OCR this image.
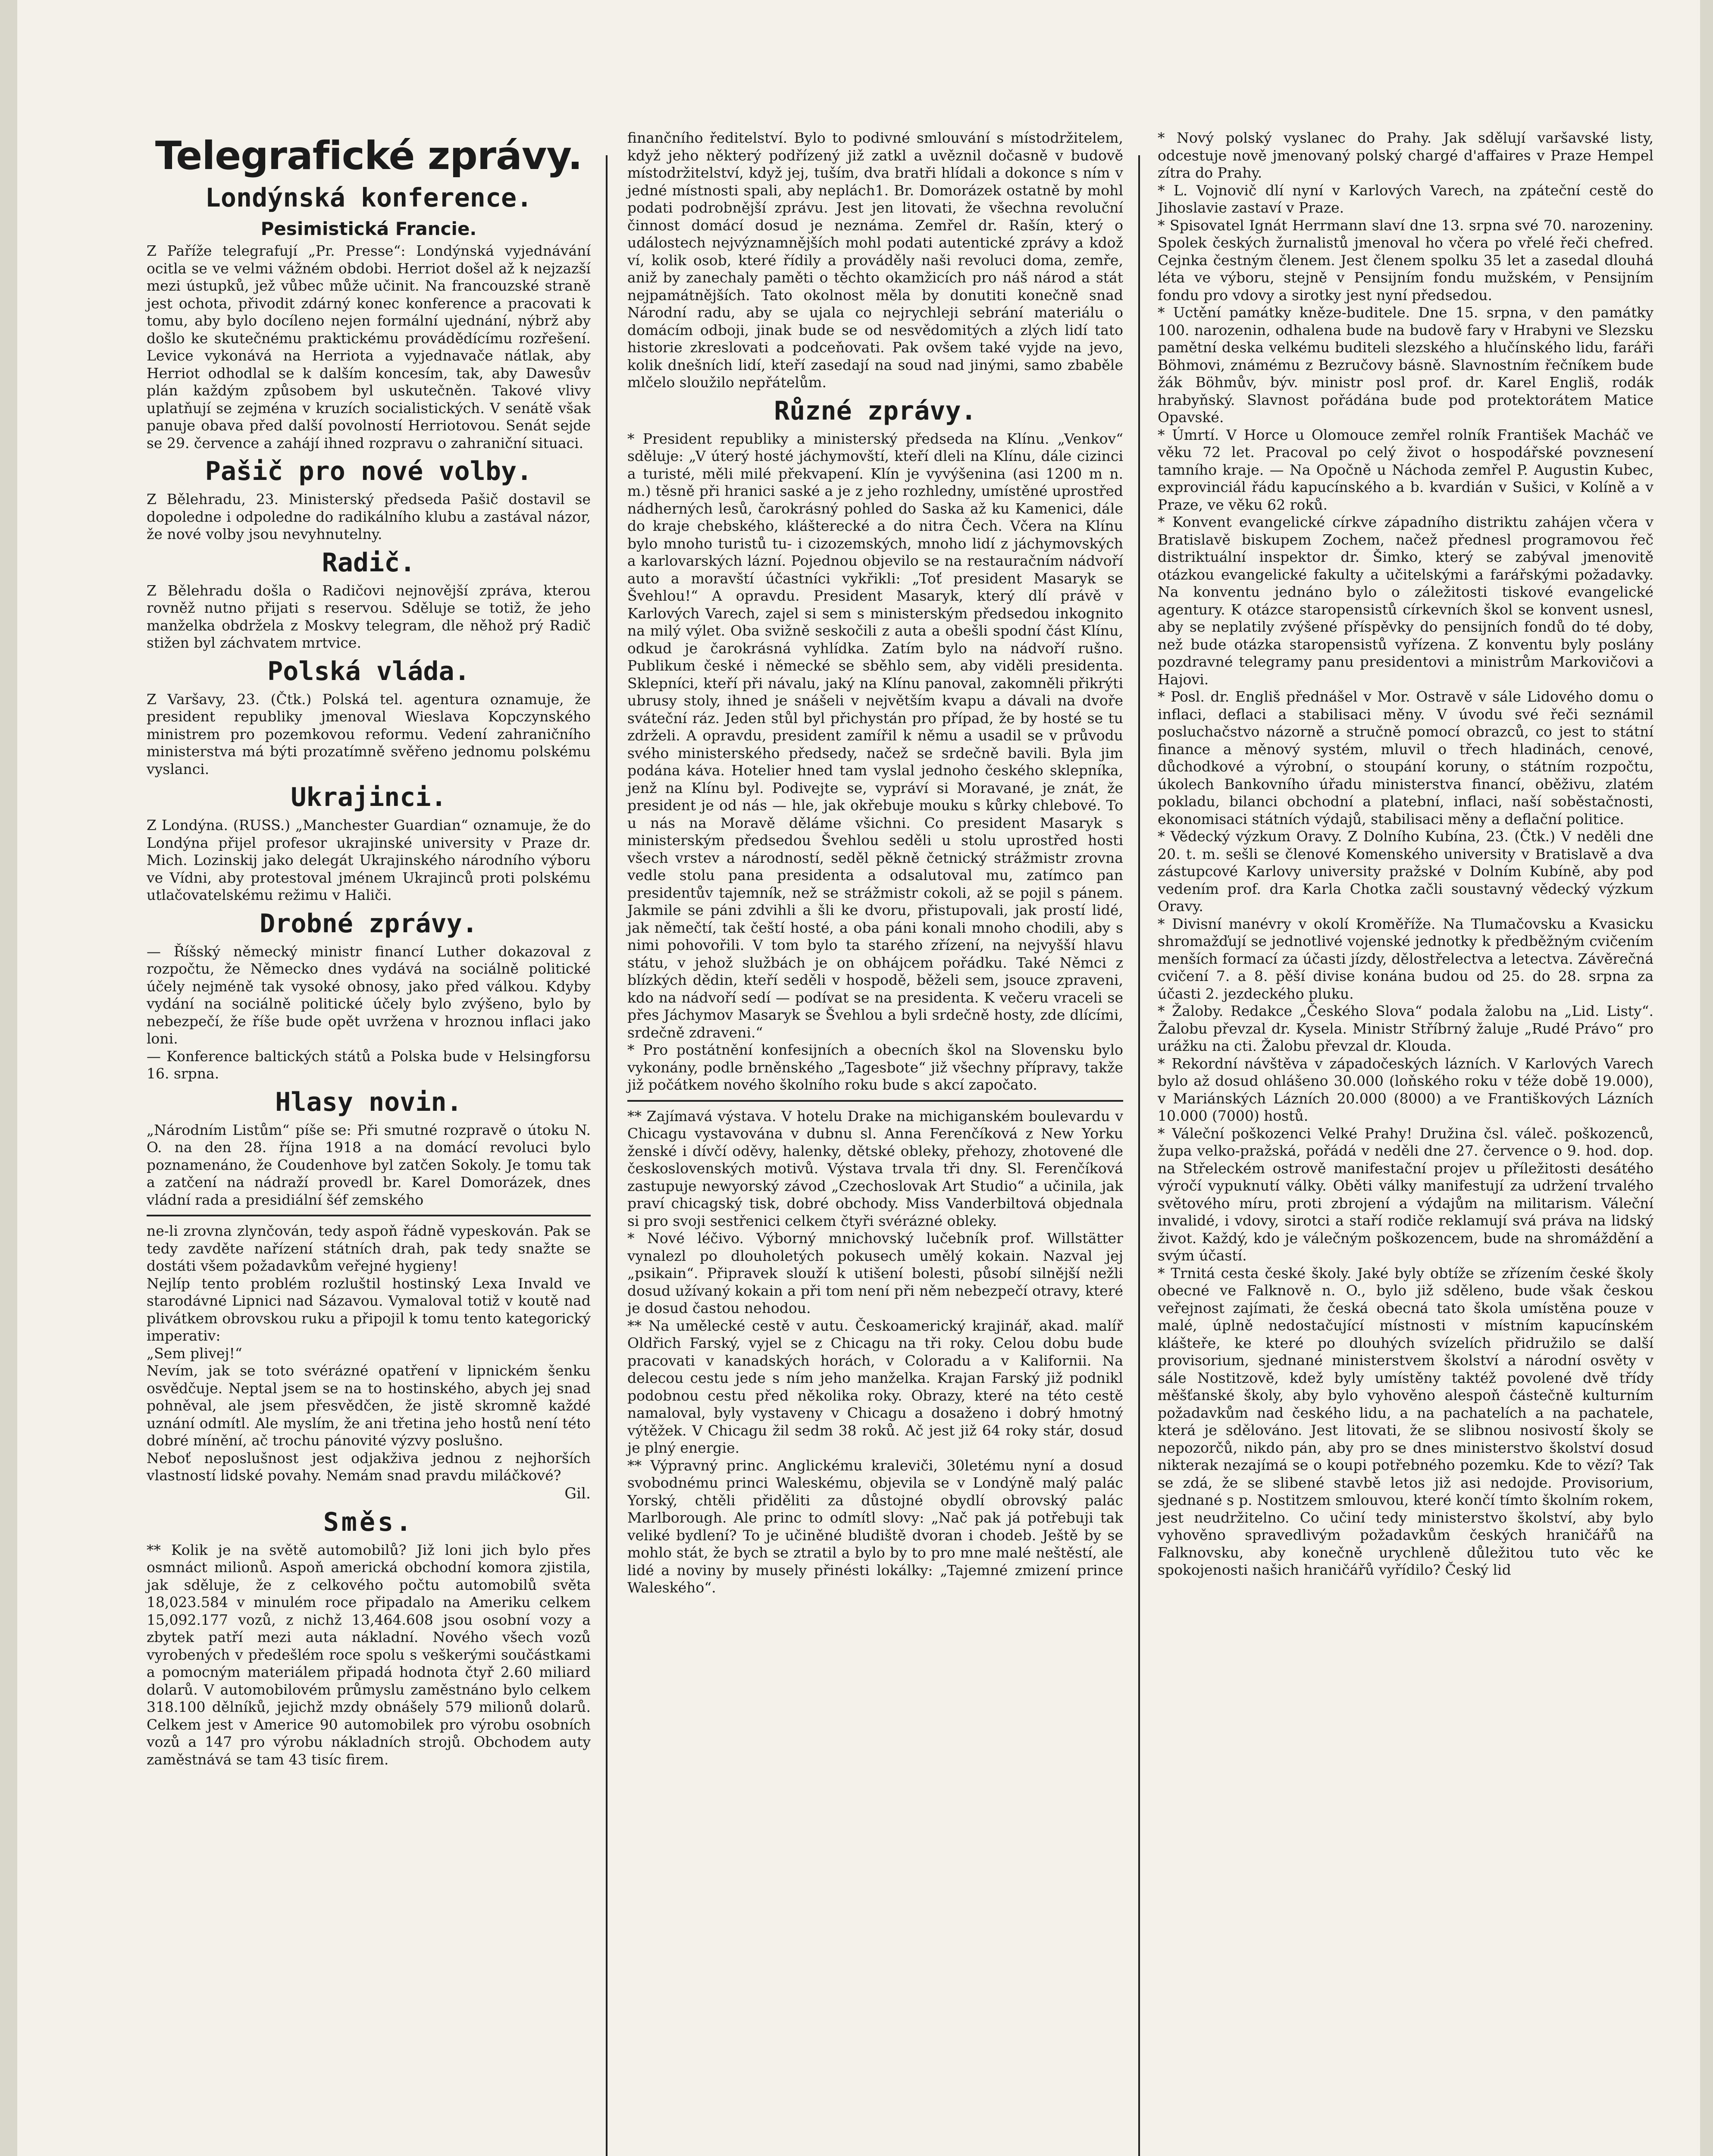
Telegrafické zprávy.
Londýnská konference.
Pesimistická Francie.

Z Paříže telegrafují „Pr. Presse“: Londýnská vyjednávání ocitla se ve velmi vážném obdobi. Herriot došel až k nejzazší mezi ústupků, jež vůbec může učinit. Na francouzské straně jest ochota, přivodit zdárný konec konference a pracovati k tomu, aby bylo docíleno nejen formální ujednání, nýbrž aby došlo ke skutečnému praktickému provádědícímu rozřešení. Levice vykonává na Herriota a vyjednavače nátlak, aby Herriot odhodlal se k dalším koncesím, tak, aby Dawesův plán každým způsobem byl uskutečněn. Takové vlivy uplatňují se zejména v kruzích socialistických. V senátě však panuje obava před další povolností Herriotovou. Senát sejde se 29. července a zahájí ihned rozpravu o zahraniční situaci.

Pašič pro nové volby.

Z Bělehradu, 23. Ministerský předseda Pašič dostavil se dopoledne i odpoledne do radikálního klubu a zastával názor, že nové volby jsou nevyhnutelny.

Radič.

Z Bělehradu došla o Radičovi nejnovější zpráva, kterou rovněž nutno přijati s reservou. Sděluje se totiž, že jeho manželka obdržela z Moskvy telegram, dle něhož prý Radič stižen byl záchvatem mrtvice.

Polská vláda.

Z Varšavy, 23. (Čtk.) Polská tel. agentura oznamuje, že president republiky jmenoval Wieslava Kopczynského ministrem pro pozemkovou reformu. Vedení zahraničního ministerstva má býti prozatímně svěřeno jednomu polskému vyslanci.

Ukrajinci.

Z Londýna. (RUSS.) „Manchester Guardian“ oznamuje, že do Londýna přijel profesor ukrajinské university v Praze dr. Mich. Lozinskij jako delegát Ukrajinského národního výboru ve Vídni, aby protestoval jménem Ukrajinců proti polskému utlačovatelskému režimu v Haliči.

Drobné zprávy.

— Říšský německý ministr financí Luther dokazoval z rozpočtu, že Německo dnes vydává na sociálně politické účely nejméně tak vysoké obnosy, jako před válkou. Kdyby vydání na sociálně politické účely bylo zvýšeno, bylo by nebezpečí, že říše bude opět uvržena v hroznou inflaci jako loni.

— Konference baltických států a Polska bude v Helsingforsu 16. srpna.

Hlasy novin.

„Národním Listům“ píše se: Při smutné rozpravě o útoku N. O. na den 28. října 1918 a na domácí revoluci bylo poznamenáno, že Coudenhove byl zatčen Sokoly. Je tomu tak a zatčení na nádraží provedl br. Karel Domorázek, dnes vládní rada a presidiální šéf zemského

ne-li zrovna zlynčován, tedy aspoň řádně vypeskován. Pak se tedy zavděte nařízení státních drah, pak tedy snažte se dostáti všem požadavkům veřejné hygieny!

Nejlíp tento problém rozluštil hostinský Lexa Invald ve starodávné Lipnici nad Sázavou. Vymaloval totiž v koutě nad plivátkem obrovskou ruku a připojil k tomu tento kategorický imperativ:

„Sem plivej!“

Nevím, jak se toto svérázné opatření v lipnickém šenku osvědčuje. Neptal jsem se na to hostinského, abych jej snad pohněval, ale jsem přesvědčen, že jistě skromně každé uznání odmítl. Ale myslím, že ani třetina jeho hostů není této dobré mínění, ač trochu pánovité výzvy poslušno.

Neboť neposlušnost jest odjakživa jednou z nejhorších vlastností lidské povahy. Nemám snad pravdu miláčkové?

Gil.

Směs.

** Kolik je na světě automobilů? Již loni jich bylo přes osmnáct milionů. Aspoň americká obchodní komora zjistila, jak sděluje, že z celkového počtu automobilů světa 18,023.584 v minulém roce připadalo na Ameriku celkem 15,092.177 vozů, z nichž 13,464.608 jsou osobní vozy a zbytek patří mezi auta nákladní. Nového všech vozů vyrobených v předešlém roce spolu s veškerými součástkami a pomocným materiálem připadá hodnota čtyř 2.60 miliard dolarů. V automobilovém průmyslu zaměstnáno bylo celkem 318.100 dělníků, jejichž mzdy obnášely 579 milionů dolarů. Celkem jest v Americe 90 automobilek pro výrobu osobních vozů a 147 pro výrobu nákladních strojů. Obchodem auty zaměstnává se tam 43 tisíc firem.

finančního ředitelství. Bylo to podivné smlouvání s místodržitelem, když jeho některý podřízený již zatkl a uvěznil dočasně v budově místodržitelství, když jej, tuším, dva bratři hlídali a dokonce s ním v jedné místnosti spali, aby neplách1. Br. Domorázek ostatně by mohl podati podrobnější zprávu. Jest jen litovati, že všechna revoluční činnost domácí dosud je neznáma. Zemřel dr. Rašín, který o událostech nejvýznamnějších mohl podati autentické zprávy a kdož ví, kolik osob, které řídily a prováděly naši revoluci doma, zemře, aniž by zanechaly paměti o těchto okamžicích pro náš národ a stát nejpamátnějších. Tato okolnost měla by donutiti konečně snad Národní radu, aby se ujala co nejrychleji sebrání materiálu o domácím odboji, jinak bude se od nesvědomitých a zlých lidí tato historie zkreslovati a podceňovati. Pak ovšem také vyjde na jevo, kolik dnešních lidí, kteří zasedají na soud nad jinými, samo zbaběle mlčelo sloužilo nepřátelům.

Různé zprávy.

* President republiky a ministerský předseda na Klínu. „Venkov“ sděluje: „V úterý hosté jáchymovští, kteří dleli na Klínu, dále cizinci a turisté, měli milé překvapení. Klín je vyvýšenina (asi 1200 m n. m.) těsně při hranici saské a je z jeho rozhledny, umístěné uprostřed nádherných lesů, čarokrásný pohled do Saska až ku Kamenici, dále do kraje chebského, klášterecké a do nitra Čech. Včera na Klínu bylo mnoho turistů tu- i cizozemských, mnoho lidí z jáchymovských a karlovarských lázní. Pojednou objevilo se na restauračním nádvoří auto a moravští účastníci vykřikli: „Toť president Masaryk se Švehlou!“ A opravdu. President Masaryk, který dlí právě v Karlových Varech, zajel si sem s ministerským předsedou inkognito na milý výlet. Oba svižně seskočili z auta a obešli spodní část Klínu, odkud je čarokrásná vyhlídka. Zatím bylo na nádvoří rušno. Publikum české i německé se sběhlo sem, aby viděli presidenta. Sklepníci, kteří při návalu, jaký na Klínu panoval, zakomněli přikrýti ubrusy stoly, ihned je snášeli v největším kvapu a dávali na dvoře sváteční ráz. Jeden stůl byl přichystán pro případ, že by hosté se tu zdrželi. A opravdu, president zamířil k němu a usadil se v průvodu svého ministerského předsedy, načež se srdečně bavili. Byla jim podána káva. Hotelier hned tam vyslal jednoho českého sklepníka, jenž na Klínu byl. Podivejte se, vypráví si Moravané, je znát, že president je od nás — hle, jak okřebuje mouku s kůrky chlebové. To u nás na Moravě děláme všichni. Co president Masaryk s ministerským předsedou Švehlou seděli u stolu uprostřed hosti všech vrstev a národností, seděl pěkně četnický strážmistr zrovna vedle stolu pana presidenta a odsalutoval mu, zatímco pan presidentův tajemník, než se strážmistr cokoli, až se pojil s pánem. Jakmile se páni zdvihli a šli ke dvoru, přistupovali, jak prostí lidé, jak němečtí, tak čeští hosté, a oba páni konali mnoho chodili, aby s nimi pohovořili. V tom bylo ta starého zřízení, na nejvyšší hlavu státu, v jehož službách je on obhájcem pořádku. Také Němci z blízkých dědin, kteří seděli v hospodě, běželi sem, jsouce zpraveni, kdo na nádvoří sedí — podívat se na presidenta. K večeru vraceli se přes Jáchymov Masaryk se Švehlou a byli srdečně hosty, zde dlícími, srdečně zdraveni.“

* Pro postátnění konfesijních a obecních škol na Slovensku bylo vykonány, podle brněnského „Tagesbote“ již všechny přípravy, takže již počátkem nového školního roku bude s akcí započato.

** Zajímavá výstava. V hotelu Drake na michiganském boulevardu v Chicagu vystavována v dubnu sl. Anna Ferenčíková z New Yorku ženské i dívčí oděvy, halenky, dětské obleky, přehozy, zhotovené dle československých motivů. Výstava trvala tři dny. Sl. Ferenčíková zastupuje newyorský závod „Czechoslovak Art Studio“ a učinila, jak praví chicagský tisk, dobré obchody. Miss Vanderbiltová objednala si pro svoji sestřenici celkem čtyři svérázné obleky.

* Nové léčivo. Výborný mnichovský lučebník prof. Willstätter vynalezl po dlouholetých pokusech umělý kokain. Nazval jej „psikain“. Připravek slouží k utišení bolesti, působí silnější nežli dosud užívaný kokain a při tom není při něm nebezpečí otravy, které je dosud častou nehodou.

** Na umělecké cestě v autu. Českoamerický krajinář, akad. malíř Oldřich Farský, vyjel se z Chicagu na tři roky. Celou dobu bude pracovati v kanadských horách, v Coloradu a v Kalifornii. Na delecou cestu jede s ním jeho manželka. Krajan Farský již podnikl podobnou cestu před několika roky. Obrazy, které na této cestě namaloval, byly vystaveny v Chicagu a dosaženo i dobrý hmotný výtěžek. V Chicagu žil sedm 38 roků. Ač jest již 64 roky stár, dosud je plný energie.

** Výpravný princ. Anglickému kraleviči, 30letému nyní a dosud svobodnému princi Waleskému, objevila se v Londýně malý palác Yorský, chtěli přiděliti za důstojné obydlí obrovský palác Marlborough. Ale princ to odmítl slovy: „Nač pak já potřebuji tak veliké bydlení? To je učiněné bludiště dvoran i chodeb. Ještě by se mohlo stát, že bych se ztratil a bylo by to pro mne malé neštěstí, ale lidé a noviny by musely přinésti lokálky: „Tajemné zmizení prince Waleského“.

* Nový polský vyslanec do Prahy. Jak sdělují varšavské listy, odcestuje nově jmenovaný polský chargé d'affaires v Praze Hempel zítra do Prahy.

* L. Vojnovič dlí nyní v Karlových Varech, na zpáteční cestě do Jihoslavie zastaví v Praze.

* Spisovatel Ignát Herrmann slaví dne 13. srpna své 70. narozeniny. Spolek českých žurnalistů jmenoval ho včera po vřelé řeči chefred. Cejnka čestným členem. Jest členem spolku 35 let a zasedal dlouhá léta ve výboru, stejně v Pensijním fondu mužském, v Pensijním fondu pro vdovy a sirotky jest nyní předsedou.

* Uctění památky kněze-buditele. Dne 15. srpna, v den památky 100. narozenin, odhalena bude na budově fary v Hrabyni ve Slezsku pamětní deska velkému buditeli slezského a hlučínského lidu, faráři Böhmovi, známému z Bezručovy básně. Slavnostním řečníkem bude žák Böhmův, býv. ministr posl prof. dr. Karel Engliš, rodák hrabyňský. Slavnost pořádána bude pod protektorátem Matice Opavské.

* Úmrtí. V Horce u Olomouce zemřel rolník František Macháč ve věku 72 let. Pracoval po celý život o hospodářské povznesení tamního kraje. — Na Opočně u Náchoda zemřel P. Augustin Kubec, exprovinciál řádu kapucínského a b. kvardián v Sušici, v Kolíně a v Praze, ve věku 62 roků.

* Konvent evangelické církve západního distriktu zahájen včera v Bratislavě biskupem Zochem, načež přednesl programovou řeč distriktuální inspektor dr. Šimko, který se zabýval jmenovitě otázkou evangelické fakulty a učitelskými a farářskými požadavky. Na konventu jednáno bylo o záležitosti tiskové evangelické agentury. K otázce staropensistů církevních škol se konvent usnesl, aby se neplatily zvýšené příspěvky do pensijních fondů do té doby, než bude otázka staropensistů vyřízena. Z konventu byly poslány pozdravné telegramy panu presidentovi a ministrům Markovičovi a Hajovi.

* Posl. dr. Engliš přednášel v Mor. Ostravě v sále Lidového domu o inflaci, deflaci a stabilisaci měny. V úvodu své řeči seznámil posluchačstvo názorně a stručně pomocí obrazců, co jest to státní finance a měnový systém, mluvil o třech hladinách, cenové, důchodkové a výrobní, o stoupání koruny, o státním rozpočtu, úkolech Bankovního úřadu ministerstva financí, oběživu, zlatém pokladu, bilanci obchodní a platební, inflaci, naší soběstačnosti, ekonomisaci státních výdajů, stabilisaci měny a deflační politice.

* Vědecký výzkum Oravy. Z Dolního Kubína, 23. (Čtk.) V neděli dne 20. t. m. sešli se členové Komenského university v Bratislavě a dva zástupcové Karlovy university pražské v Dolním Kubíně, aby pod vedením prof. dra Karla Chotka začli soustavný vědecký výzkum Oravy.

* Divisní manévry v okolí Kroměříže. Na Tlumačovsku a Kvasicku shromažďují se jednotlivé vojenské jednotky k předběžným cvičením menších formací za účasti jízdy, dělostřelectva a letectva. Závěrečná cvičení 7. a 8. pěší divise konána budou od 25. do 28. srpna za účasti 2. jezdeckého pluku.

* Žaloby. Redakce „Českého Slova“ podala žalobu na „Lid. Listy“. Žalobu převzal dr. Kysela. Ministr Stříbrný žaluje „Rudé Právo“ pro urážku na cti. Žalobu převzal dr. Klouda.

* Rekordní návštěva v západočeských lázních. V Karlových Varech bylo až dosud ohlášeno 30.000 (loňského roku v téže době 19.000), v Mariánských Lázních 20.000 (8000) a ve Františkových Lázních 10.000 (7000) hostů.

* Váleční poškozenci Velké Prahy! Družina čsl. váleč. poškozenců, župa velko-pražská, pořádá v neděli dne 27. července o 9. hod. dop. na Střeleckém ostrově manifestační projev u příležitosti desátého výročí vypuknutí války. Oběti války manifestují za udržení trvalého světového míru, proti zbrojení a výdajům na militarism. Váleční invalidé, i vdovy, sirotci a staří rodiče reklamují svá práva na lidský život. Každý, kdo je válečným poškozencem, bude na shromáždění a svým účastí.

* Trnitá cesta české školy. Jaké byly obtíže se zřízením české školy obecné ve Falknově n. O., bylo již sděleno, bude však českou veřejnost zajímati, že česká obecná tato škola umístěna pouze v malé, úplně nedostačující místnosti v místním kapucínském klášteře, ke které po dlouhých svízelích přidružilo se další provisorium, sjednané ministerstvem školství a národní osvěty v sále Nostitzově, kdež byly umístěny taktéž povolené dvě třídy měšťanské školy, aby bylo vyhověno alespoň částečně kulturním požadavkům nad českého lidu, a na pachatelích a na pachatele, která je sdělováno. Jest litovati, že se slibnou nosivostí školy se nepozorčů, nikdo pán, aby pro se dnes ministerstvo školství dosud nikterak nezajímá se o koupi potřebného pozemku. Kde to vězí? Tak se zdá, že se slibené stavbě letos již asi nedojde. Provisorium, sjednané s p. Nostitzem smlouvou, které končí tímto školním rokem, jest neudržitelno. Co učiní tedy ministerstvo školství, aby bylo vyhověno spravedlivým požadavkům českých hraničářů na Falknovsku, aby konečně urychleně důležitou tuto věc ke spokojenosti našich hraničářů vyřídilo? Český lid
